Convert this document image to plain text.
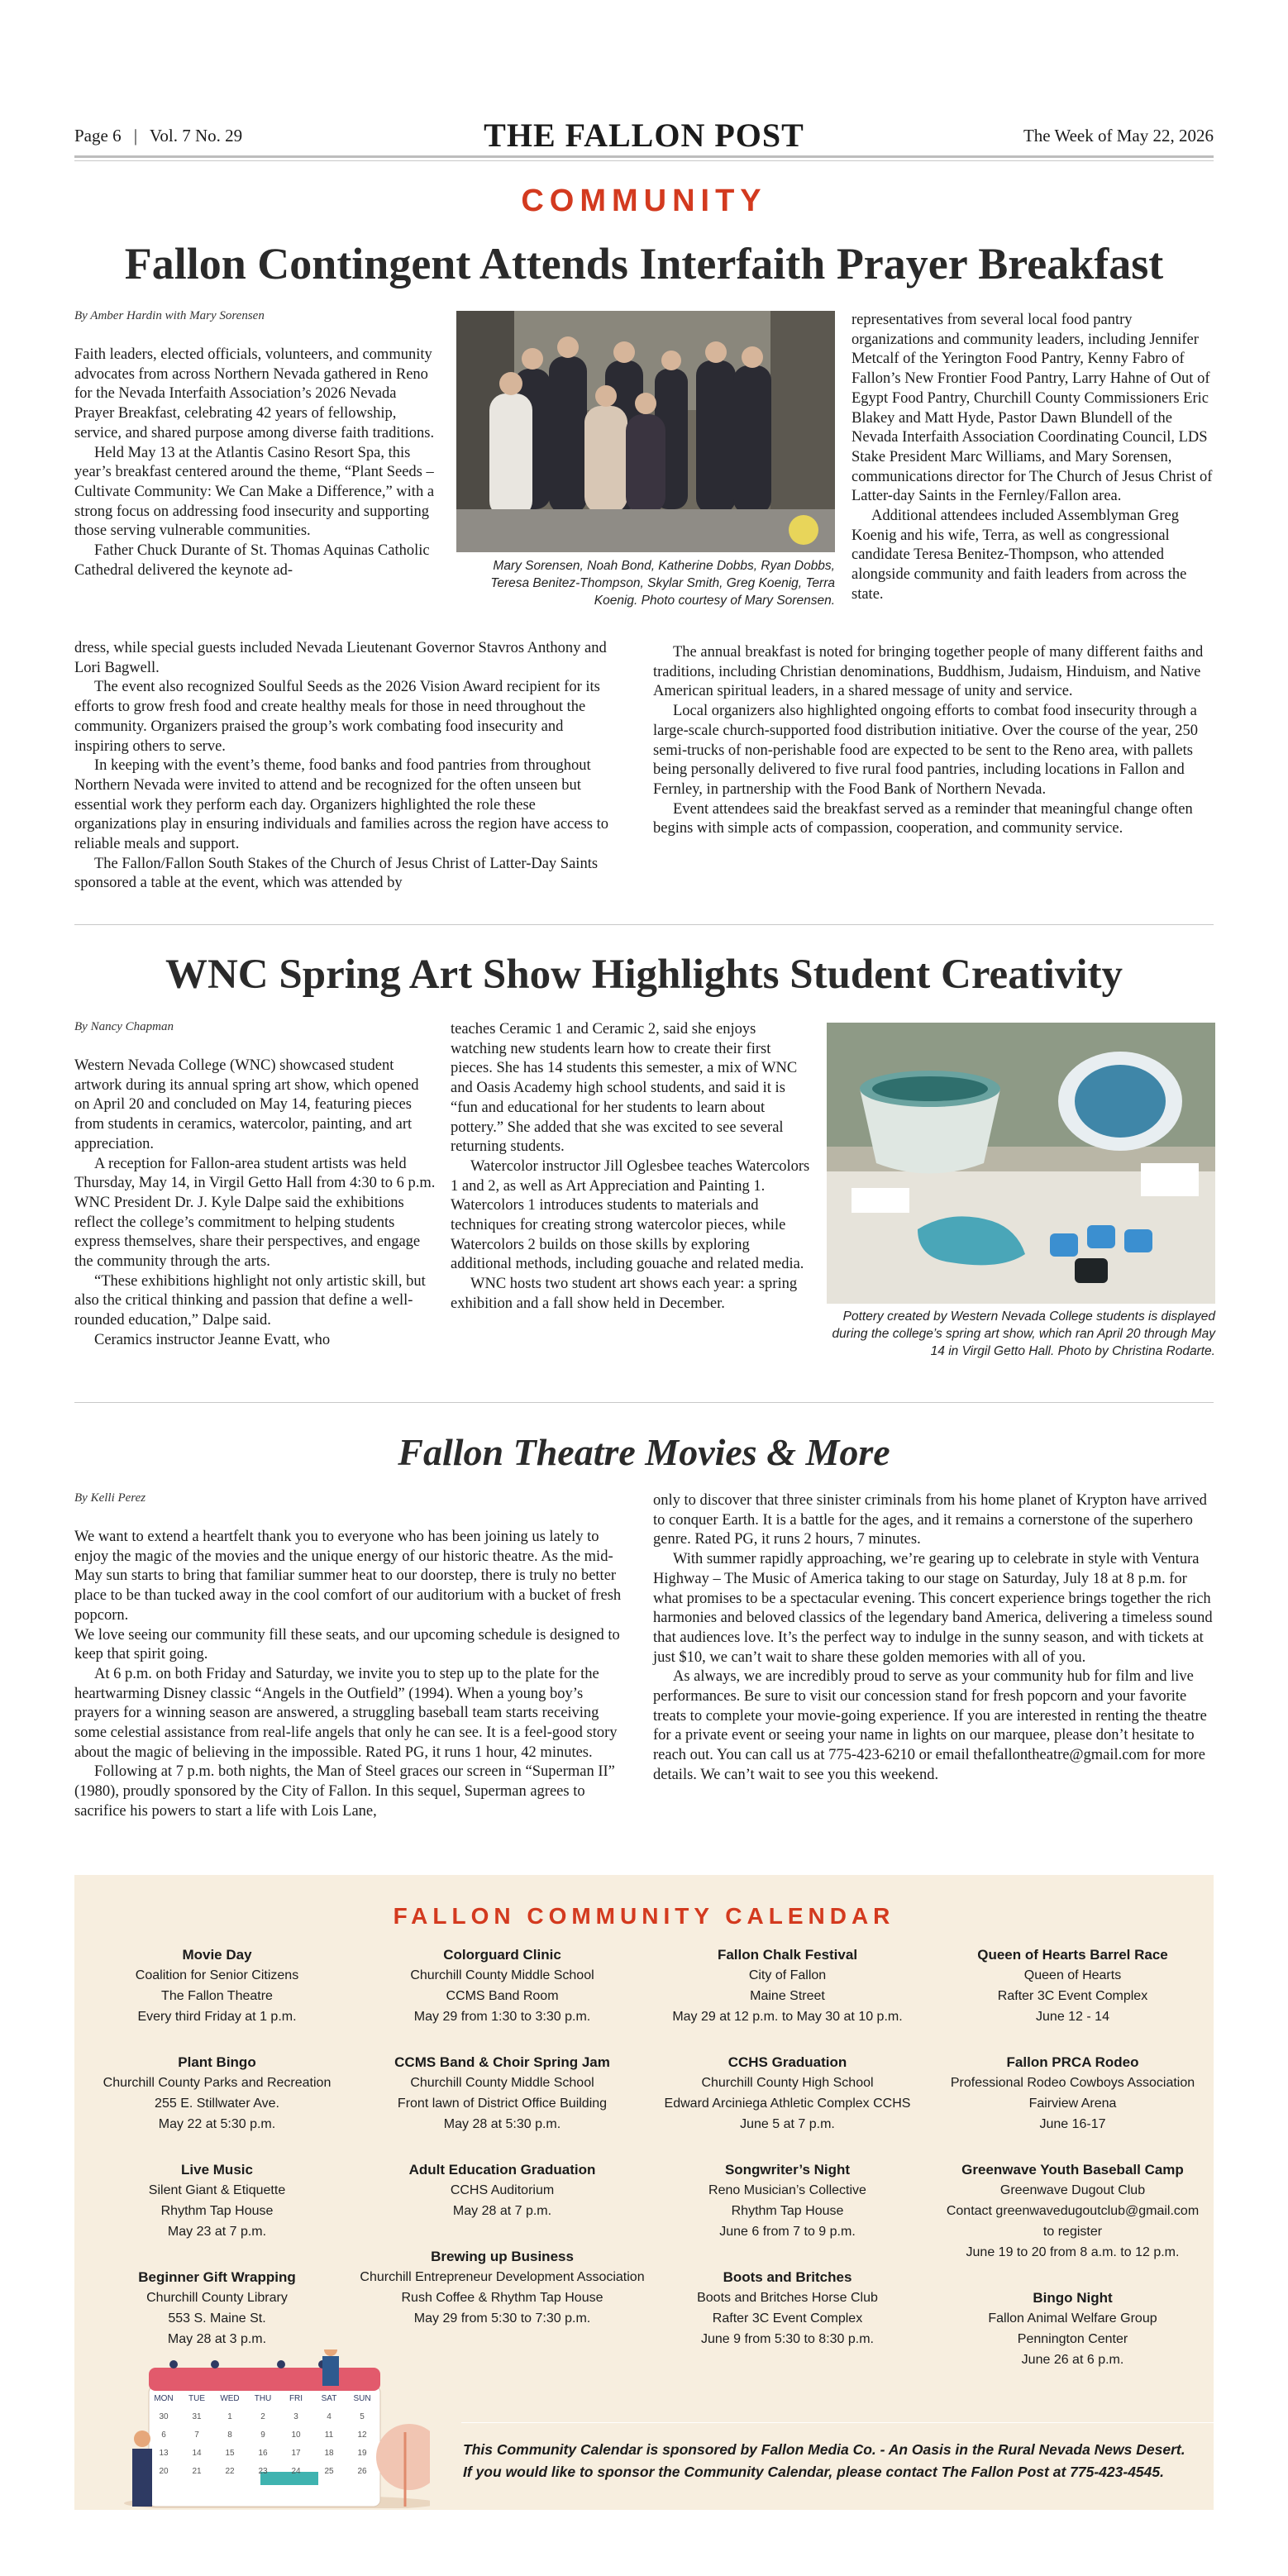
Page 6 | Vol. 7 No. 29	THE FALLON POST	The Week of May 22, 2026
COMMUNITY
Fallon Contingent Attends Interfaith Prayer Breakfast
By Amber Hardin with Mary Sorensen

Faith leaders, elected officials, volunteers, and community advocates from across Northern Nevada gathered in Reno for the Nevada Interfaith Association’s 2026 Nevada Prayer Breakfast, celebrating 42 years of fellowship, service, and shared purpose among diverse faith traditions.

Held May 13 at the Atlantis Casino Resort Spa, this year’s breakfast centered around the theme, “Plant Seeds – Cultivate Community: We Can Make a Difference,” with a strong focus on addressing food insecurity and supporting those serving vulnerable communities.

Father Chuck Durante of St. Thomas Aquinas Catholic Cathedral delivered the keynote ad-	Mary Sorensen, Noah Bond, Katherine Dobbs, Ryan Dobbs, Teresa Benitez-Thompson, Skylar Smith, Greg Koenig, Terra Koenig. Photo courtesy of Mary Sorensen.

dress, while special guests included Nevada Lieutenant Governor Stavros Anthony and Lori Bagwell.

The event also recognized Soulful Seeds as the 2026 Vision Award recipient for its efforts to grow fresh food and create healthy meals for those in need throughout the community. Organizers praised the group’s work combating food insecurity and inspiring others to serve.

In keeping with the event’s theme, food banks and food pantries from throughout Northern Nevada were invited to attend and be recognized for the often unseen but essential work they perform each day. Organizers highlighted the role these organizations play in ensuring individuals and families across the region have access to reliable meals and support.

The Fallon/Fallon South Stakes of the Church of Jesus Christ of Latter-Day Saints sponsored a table at the event, which was attended by

representatives from several local food pantry organizations and community leaders, including Jennifer Metcalf of the Yerington Food Pantry, Kenny Fabro of Fallon’s New Frontier Food Pantry, Larry Hahne of Out of Egypt Food Pantry, Churchill County Commissioners Eric Blakey and Matt Hyde, Pastor Dawn Blundell of the Nevada Interfaith Association Coordinating Council, LDS Stake President Marc Williams, and Mary Sorensen, communications director for The Church of Jesus Christ of Latter-day Saints in the Fernley/Fallon area.

Additional attendees included Assemblyman Greg Koenig and his wife, Terra, as well as congressional candidate Teresa Benitez-Thompson, who attended alongside community and faith leaders from across the state.

The annual breakfast is noted for bringing together people of many different faiths and traditions, including Christian denominations, Buddhism, Judaism, Hinduism, and Native American spiritual leaders, in a shared message of unity and service.

Local organizers also highlighted ongoing efforts to combat food insecurity through a large-scale church-supported food distribution initiative. Over the course of the year, 250 semi-trucks of non-perishable food are expected to be sent to the Reno area, with pallets being personally delivered to five rural food pantries, including locations in Fallon and Fernley, in partnership with the Food Bank of Northern Nevada.

Event attendees said the breakfast served as a reminder that meaningful change often begins with simple acts of compassion, cooperation, and community service.

WNC Spring Art Show Highlights Student Creativity
By Nancy Chapman

Western Nevada College (WNC) showcased student artwork during its annual spring art show, which opened on April 20 and concluded on May 14, featuring pieces from students in ceramics, watercolor, painting, and art appreciation.

A reception for Fallon-area student artists was held Thursday, May 14, in Virgil Getto Hall from 4:30 to 6 p.m. WNC President Dr. J. Kyle Dalpe said the exhibitions reflect the college’s commitment to helping students express themselves, share their perspectives, and engage the community through the arts.

“These exhibitions highlight not only artistic skill, but also the critical thinking and passion that define a well-rounded education,” Dalpe said.

Ceramics instructor Jeanne Evatt, who

teaches Ceramic 1 and Ceramic 2, said she enjoys watching new students learn how to create their first pieces. She has 14 students this semester, a mix of WNC and Oasis Academy high school students, and said it is “fun and educational for her students to learn about pottery.” She added that she was excited to see several returning students.

Watercolor instructor Jill Oglesbee teaches Watercolors 1 and 2, as well as Art Appreciation and Painting 1. Watercolors 1 introduces students to materials and techniques for creating strong watercolor pieces, while Watercolors 2 builds on those skills by exploring additional methods, including gouache and related media.

WNC hosts two student art shows each year: a spring exhibition and a fall show held in December.

Pottery created by Western Nevada College students is displayed during the college’s spring art show, which ran April 20 through May 14 in Virgil Getto Hall. Photo by Christina Rodarte.
Fallon Theatre Movies & More
By Kelli Perez

We want to extend a heartfelt thank you to everyone who has been joining us lately to enjoy the magic of the movies and the unique energy of our historic theatre. As the mid-May sun starts to bring that familiar summer heat to our doorstep, there is truly no better place to be than tucked away in the cool comfort of our auditorium with a bucket of fresh popcorn.

We love seeing our community fill these seats, and our upcoming schedule is designed to keep that spirit going.

At 6 p.m. on both Friday and Saturday, we invite you to step up to the plate for the heartwarming Disney classic “Angels in the Outfield” (1994). When a young boy’s prayers for a winning season are answered, a struggling baseball team starts receiving some celestial assistance from real-life angels that only he can see. It is a feel-good story about the magic of believing in the impossible. Rated PG, it runs 1 hour, 42 minutes.

Following at 7 p.m. both nights, the Man of Steel graces our screen in “Superman II” (1980), proudly sponsored by the City of Fallon. In this sequel, Superman agrees to sacrifice his powers to start a life with Lois Lane,

only to discover that three sinister criminals from his home planet of Krypton have arrived to conquer Earth. It is a battle for the ages, and it remains a cornerstone of the superhero genre. Rated PG, it runs 2 hours, 7 minutes.

With summer rapidly approaching, we’re gearing up to celebrate in style with Ventura Highway – The Music of America taking to our stage on Saturday, July 18 at 8 p.m. for what promises to be a spectacular evening. This concert experience brings together the rich harmonies and beloved classics of the legendary band America, delivering a timeless sound that audiences love. It’s the perfect way to indulge in the sunny season, and with tickets at just $10, we can’t wait to share these golden memories with all of you.

As always, we are incredibly proud to serve as your community hub for film and live performances. Be sure to visit our concession stand for fresh popcorn and your favorite treats to complete your movie-going experience. If you are interested in renting the theatre for a private event or seeing your name in lights on our marquee, please don’t hesitate to reach out. You can call us at 775-423-6210 or email thefallontheatre@gmail.com for more details. We can’t wait to see you this weekend.

FALLON COMMUNITY CALENDAR
Movie Day
Coalition for Senior Citizens
The Fallon Theatre
Every third Friday at 1 p.m.
Plant Bingo
Churchill County Parks and Recreation
255 E. Stillwater Ave.
May 22 at 5:30 p.m.
Live Music
Silent Giant & Etiquette
Rhythm Tap House
May 23 at 7 p.m.
Beginner Gift Wrapping
Churchill County Library
553 S. Maine St.
May 28 at 3 p.m.
Colorguard Clinic
Churchill County Middle School
CCMS Band Room
May 29 from 1:30 to 3:30 p.m.
CCMS Band & Choir Spring Jam
Churchill County Middle School
Front lawn of District Office Building
May 28 at 5:30 p.m.
Adult Education Graduation
CCHS Auditorium
May 28 at 7 p.m.
Brewing up Business
Churchill Entrepreneur Development Association
Rush Coffee & Rhythm Tap House
May 29 from 5:30 to 7:30 p.m.
Fallon Chalk Festival
City of Fallon
Maine Street
May 29 at 12 p.m. to May 30 at 10 p.m.
CCHS Graduation
Churchill County High School
Edward Arciniega Athletic Complex CCHS
June 5 at 7 p.m.
Songwriter’s Night
Reno Musician’s Collective
Rhythm Tap House
June 6 from 7 to 9 p.m.
Boots and Britches
Boots and Britches Horse Club
Rafter 3C Event Complex
June 9 from 5:30 to 8:30 p.m.
Queen of Hearts Barrel Race
Queen of Hearts
Rafter 3C Event Complex
June 12 - 14
Fallon PRCA Rodeo
Professional Rodeo Cowboys Association
Fairview Arena
June 16-17
Greenwave Youth Baseball Camp
Greenwave Dugout Club
Contact greenwavedugoutclub@gmail.com
to register
June 19 to 20 from 8 a.m. to 12 p.m.
Bingo Night
Fallon Animal Welfare Group
Pennington Center
June 26 at 6 p.m.
MON TUE WED THU FRI SAT SUN
30	31	1	2	3	4	5
6	7	8	9	10	11	12
13	14	15	16	17	18	19
20	21	22	23	24	25	26
This Community Calendar is sponsored by Fallon Media Co. - An Oasis in the Rural Nevada News Desert.
If you would like to sponsor the Community Calendar, please contact The Fallon Post at 775-423-4545.
